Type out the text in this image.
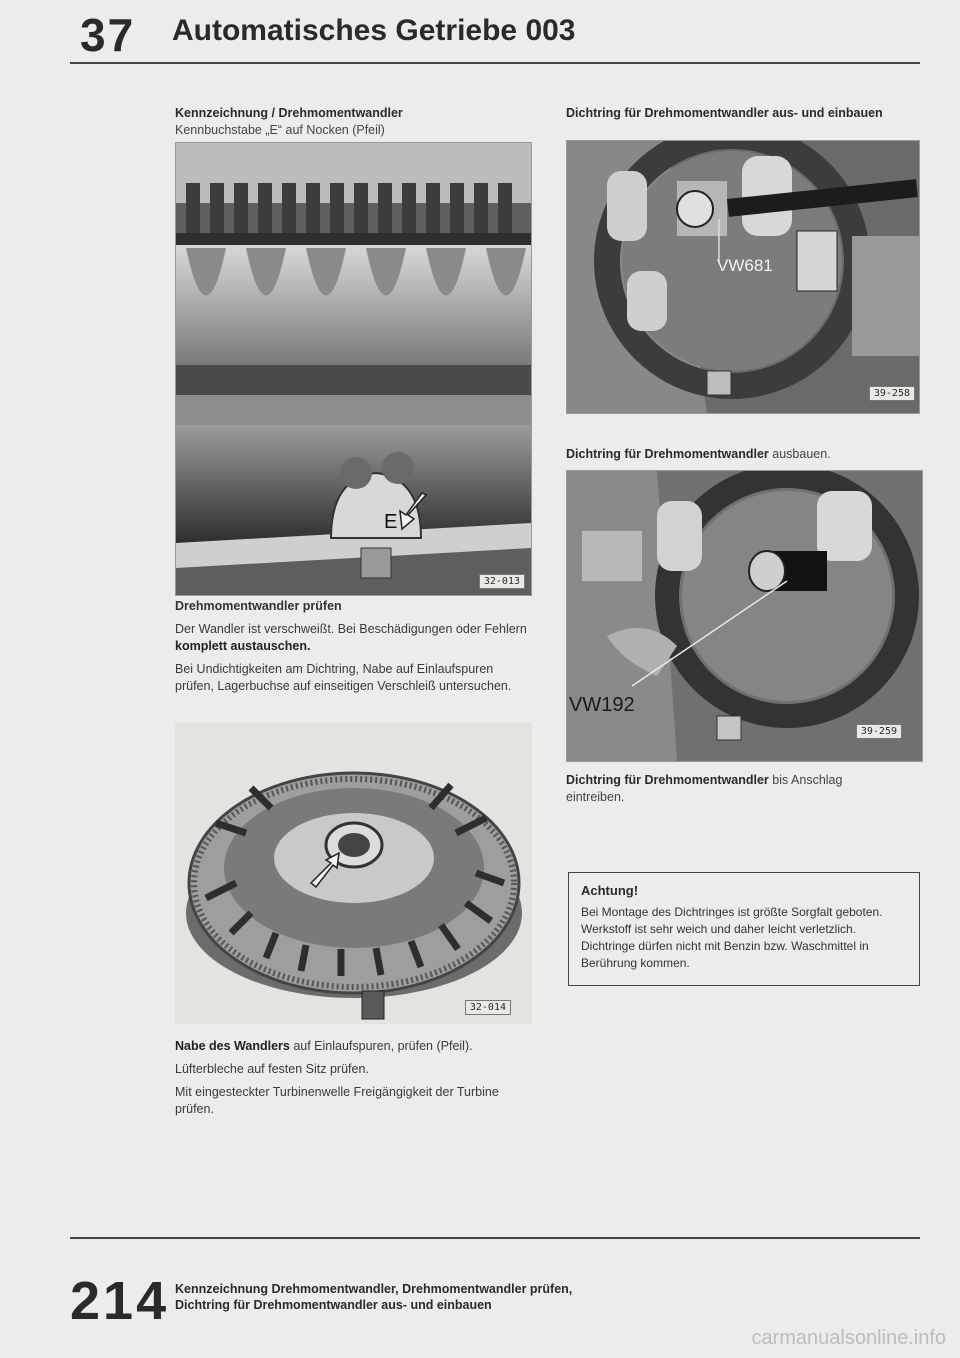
37 Automatisches Getriebe 003
Kennzeichnung / Drehmomentwandler
Kennbuchstabe „E“ auf Nocken (Pfeil)
E
32-013
Drehmomentwandler prüfen

Der Wandler ist verschweißt. Bei Beschädigungen oder Fehlern komplett austauschen.

Bei Undichtigkeiten am Dichtring, Nabe auf Einlaufspuren prüfen, Lagerbuchse auf einseitigen Verschleiß untersuchen.

32-014

Nabe des Wandlers auf Einlaufspuren, prüfen (Pfeil).

Lüfterbleche auf festen Sitz prüfen.

Mit eingesteckter Turbinenwelle Freigängigkeit der Turbine prüfen.

Dichtring für Drehmomentwandler aus- und einbauen
VW681
39-258
Dichtring für Drehmomentwandler ausbauen.
VW192
39-259
Dichtring für Drehmomentwandler bis Anschlag eintreiben.
Achtung!
Bei Montage des Dichtringes ist größte Sorgfalt geboten. Werkstoff ist sehr weich und daher leicht verletzlich. Dichtringe dürfen nicht mit Benzin bzw. Waschmittel in Berührung kommen.
214 Kennzeichnung Drehmomentwandler, Drehmomentwandler prüfen,
Dichtring für Drehmomentwandler aus- und einbauen
carmanualsonline.info
